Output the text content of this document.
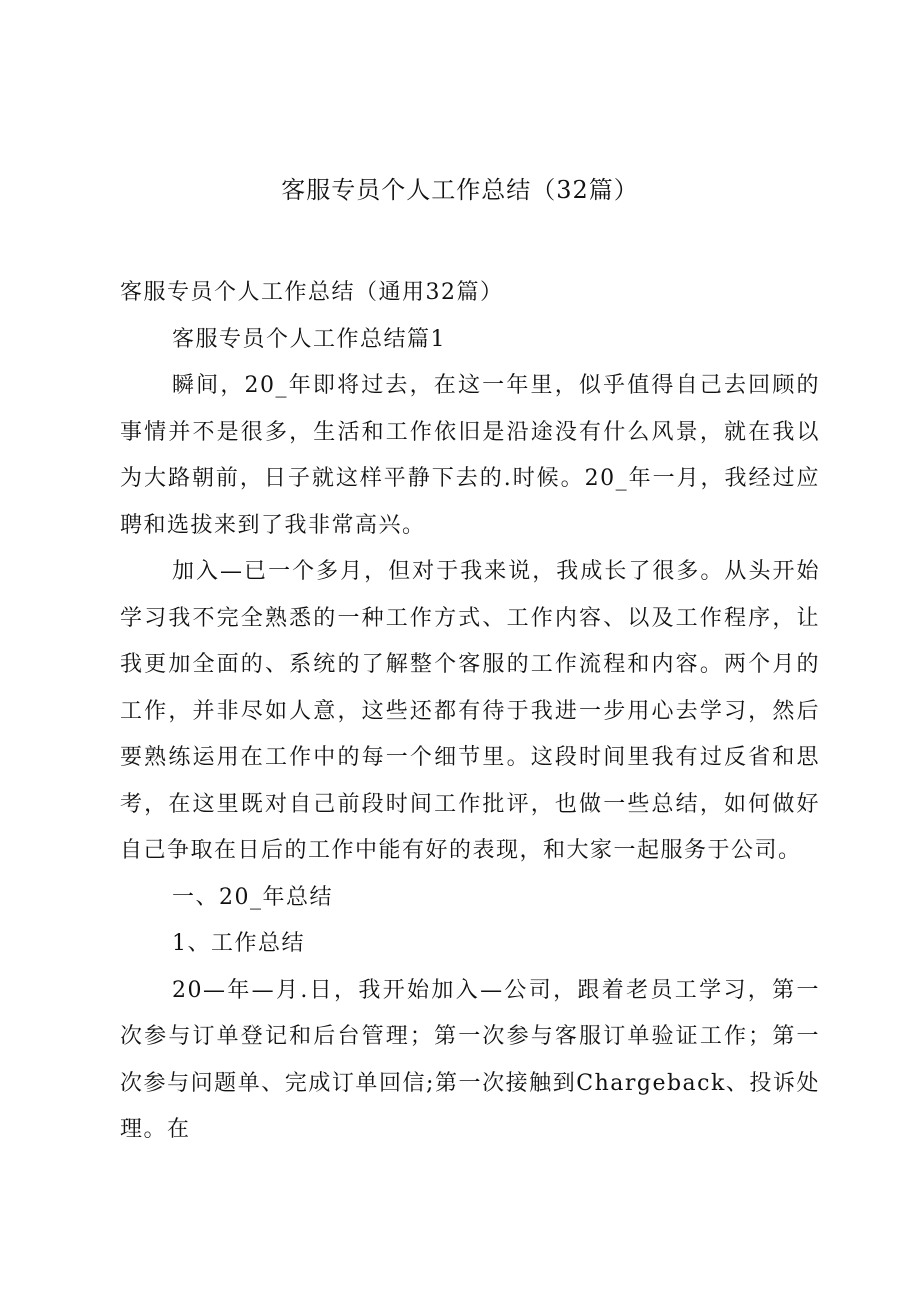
客服专员个人工作总结（32篇）

客服专员个人工作总结（通用32篇）

客服专员个人工作总结篇1

瞬间，20_年即将过去，在这一年里，似乎值得自己去回顾的事情并不是很多，生活和工作依旧是沿途没有什么风景，就在我以为大路朝前，日子就这样平静下去的.时候。20_年一月，我经过应聘和选拔来到了我非常高兴。

加入—已一个多月，但对于我来说，我成长了很多。从头开始学习我不完全熟悉的一种工作方式、工作内容、以及工作程序，让我更加全面的、系统的了解整个客服的工作流程和内容。两个月的工作，并非尽如人意，这些还都有待于我进一步用心去学习，然后要熟练运用在工作中的每一个细节里。这段时间里我有过反省和思考，在这里既对自己前段时间工作批评，也做一些总结，如何做好自己争取在日后的工作中能有好的表现，和大家一起服务于公司。

一、20_年总结

1、工作总结

20—年—月.日，我开始加入—公司，跟着老员工学习，第一次参与订单登记和后台管理；第一次参与客服订单验证工作；第一次参与问题单、完成订单回信;第一次接触到Chargeback、投诉处理。在
